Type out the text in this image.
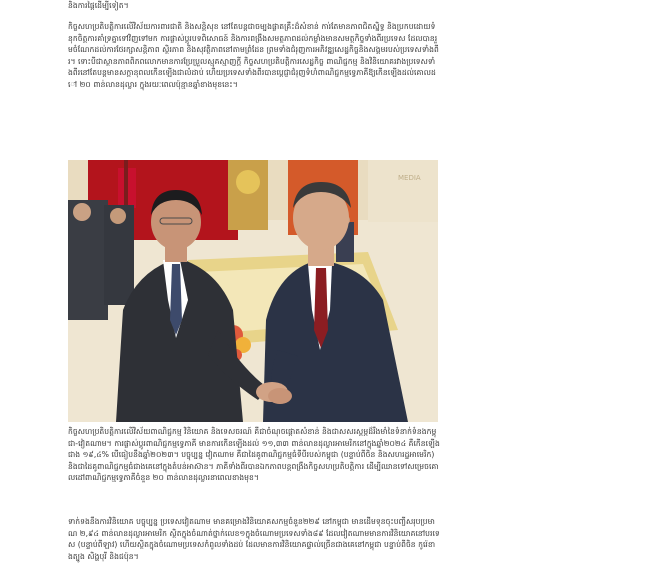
និងការផ្ដៃដើម្បីទៀត។

កិច្ចសហប្រតិបត្តិការលើវិស័យការពារជាតិ និងសន្តិសុខ នៅតែបន្តជាចម្បងផ្លាតគ្រឹះដ៏សំខាន់ ការ់តែមានភាពជិតស្និទ្ធ និងប្រកបដោយទំនុកចិត្តការគាំទ្រគ្នាទៅវិញទៅមក ការផ្លាស់ប្ដូរបទពិសោធន៍ និងការពង្រឹងសមត្ថភាពដល់កម្លាំងមានសមត្ថកិច្ចទាំងពីរប្រទេស ដែលបានរួមចំណែកដល់ការថែរក្សាសន្តិភាព ស្ថិរភាព និងសុវត្ថិភាពនៅតាមព្រំដែន ព្រមទាំងជំរុញការអភិវឌ្ឍសេដ្ឋកិច្ចនិងសង្គមរបស់ប្រទេសទាំងពីរ។ ទោះបីជាស្ថានភាពពិភពលោកមានការប្រែប្រួលស្មុគស្មាញក្ដី កិច្ចសហប្រតិបត្តិការសេដ្ឋកិច្ច ពាណិជ្ជកម្ម និងវិនិយោគរវាងប្រទេសទាំងពីរនៅតែបន្តមានសក្ដានុពលកើនឡើងជាលំដាប់ ហើយប្រទេសទាំងពីរបានប្ដេជ្ញាជំរុញទំហំពាណិជ្ជកម្មទ្វេភាគីឱ្យកើនឡើងដល់គោលដៅ ២០ ពាន់លានដុល្លារ ក្នុងរយៈពេលប៉ុន្មានឆ្នាំខាងមុខនេះ។

MEDIA

កិច្ចសហប្រតិបត្តិការលើវិស័យពាណិជ្ជកម្ម វិនិយោគ និងទេសចរណ៍ គឺជាចំណុចផ្ដោតសំខាន់ និងជាសសរស្ដម្ភដ៏រឹងមាំនៃទំនាក់ទំនងកម្ពុជា-វៀតណាម។ ការផ្លាស់ប្ដូរពាណិជ្ជកម្មទ្វេភាគី មានការកើនឡើងដល់ ១១,៣៣ ពាន់លានដុល្លារអាមេរិកនៅក្នុងឆ្នាំ២០២៤ គឺកើនឡើងជាង ១៩,៤% បើធៀបនឹងឆ្នាំ២០២៣។ បច្ចុប្បន្ន វៀតណាម គឺជាដៃគូពាណិជ្ជកម្មធំទីបីរបស់កម្ពុជា (បន្ទាប់ពីចិន និងសហរដ្ឋអាមេរិក) និងជាដៃគូពាណិជ្ជកម្មធំជាងគេនៅក្នុងតំបន់អាស៊ាន។ ភាគីទាំងពីរបានឯកភាពបន្តពង្រឹងកិច្ចសហប្រតិបត្តិការ ដើម្បីឈានទៅសម្រេចគោលដៅពាណិជ្ជកម្មទ្វេភាគីចំនួន ២០ ពាន់លានដុល្លារនាពេលខាងមុខ។

ទាក់ទងនឹងការវិនិយោគ បច្ចុប្បន្ន ប្រទេសវៀតណាម មានគម្រោងវិនិយោគសកម្មចំនួន២២៩ នៅកម្ពុជា មានដើមទុនចុះបញ្ជីសរុបប្រមាណ ២,៩៤ ពាន់លានដុល្លារអាមេរិក ស្ថិតក្នុងចំណាត់ថ្នាក់លេខ១ក្នុងចំណោមប្រទេសទាំង៨៩ ដែលវៀតណាមមានការវិនិយោគនៅបរទេស (បន្ទាប់ពីឡាវ) ហើយស្ថិតក្នុងចំណោមប្រទេសកំពូលទាំងដប់ ដែលមានការវិនិយោគផ្ទាល់ច្រើនជាងគេនៅកម្ពុជា បន្ទាប់ពីចិន កូរ៉េខាងត្បូង សិង្ហបុរី និងជប៉ុន។
